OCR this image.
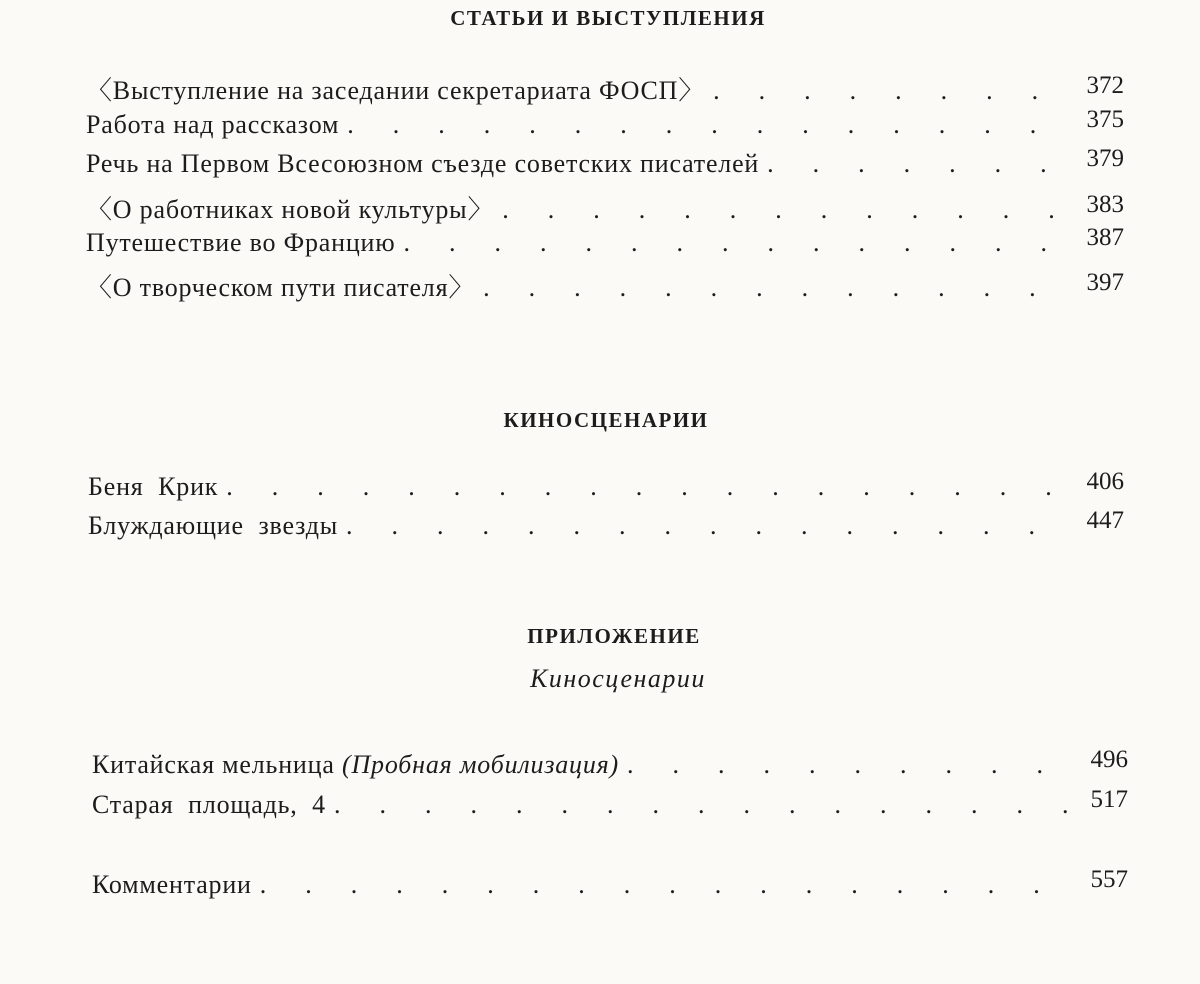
СТАТЬИ И ВЫСТУПЛЕНИЯ
〈Выступление на заседании секретариата ФОСП〉 .	372
Работа над рассказом .	375
Речь на Первом Всесоюзном съезде советских писателей .	379
〈О работниках новой культуры〉 .	383
Путешествие во Францию .	387
〈О творческом пути писателя〉 .	397
КИНОСЦЕНАРИИ
Беня  Крик .	406
Блуждающие  звезды .	447
ПРИЛОЖЕНИЕ
Киносценарии
Китайская мельница (Пробная мобилизация) .	496
Старая  площадь,  4 .	517
Комментарии .	557
